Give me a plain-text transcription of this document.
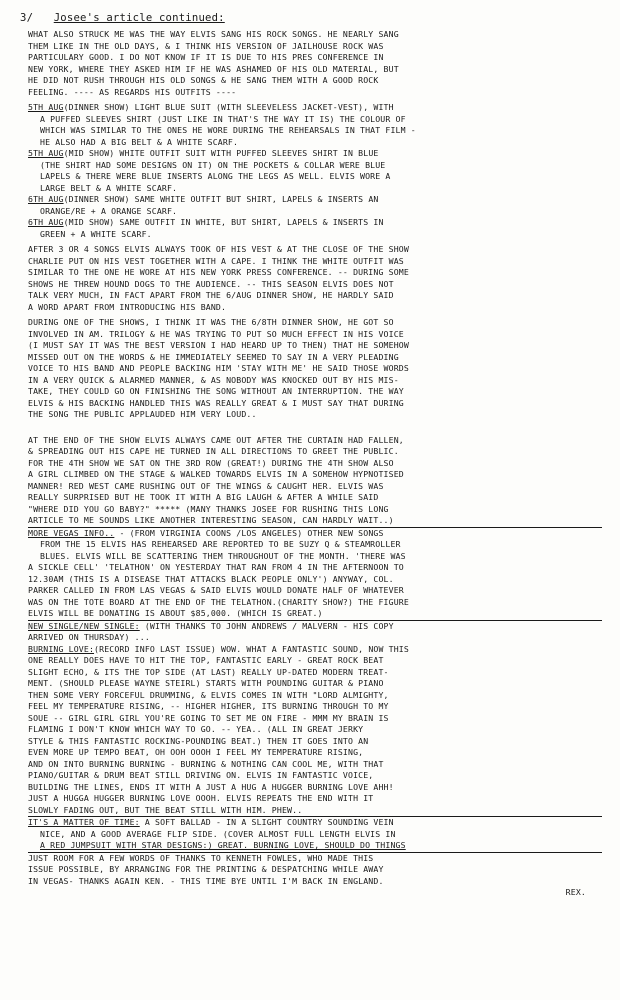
3/ Josee's article continued:
WHAT ALSO STRUCK ME WAS THE WAY ELVIS SANG HIS ROCK SONGS. HE NEARLY SANG
THEM LIKE IN THE OLD DAYS, & I THINK HIS VERSION OF JAILHOUSE ROCK WAS
PARTICULARY GOOD. I DO NOT KNOW IF IT IS DUE TO HIS PRES CONFERENCE IN
NEW YORK, WHERE THEY ASKED HIM IF HE WAS ASHAMED OF HIS OLD MATERIAL, BUT
HE DID NOT RUSH THROUGH HIS OLD SONGS & HE SANG THEM WITH A GOOD ROCK
FEELING. ---- AS REGARDS HIS OUTFITS ----
5TH AUG(DINNER SHOW) LIGHT BLUE SUIT (WITH SLEEVELESS JACKET-VEST), WITH
A PUFFED SLEEVES SHIRT (JUST LIKE IN THAT'S THE WAY IT IS) THE COLOUR OF
WHICH WAS SIMILAR TO THE ONES HE WORE DURING THE REHEARSALS IN THAT FILM -
HE ALSO HAD A BIG BELT & A WHITE SCARF.
5TH AUG(MID SHOW) WHITE OUTFIT SUIT WITH PUFFED SLEEVES SHIRT IN BLUE
(THE SHIRT HAD SOME DESIGNS ON IT) ON THE POCKETS & COLLAR WERE BLUE
LAPELS & THERE WERE BLUE INSERTS ALONG THE LEGS AS WELL. ELVIS WORE A
LARGE BELT & A WHITE SCARF.
6TH AUG(DINNER SHOW) SAME WHITE OUTFIT BUT SHIRT, LAPELS & INSERTS AN
ORANGE/RE + A ORANGE SCARF.
6TH AUG(MID SHOW) SAME OUTFIT IN WHITE, BUT SHIRT, LAPELS & INSERTS IN
GREEN + A WHITE SCARF.
AFTER 3 OR 4 SONGS ELVIS ALWAYS TOOK OF HIS VEST & AT THE CLOSE OF THE SHOW
CHARLIE PUT ON HIS VEST TOGETHER WITH A CAPE. I THINK THE WHITE OUTFIT WAS
SIMILAR TO THE ONE HE WORE AT HIS NEW YORK PRESS CONFERENCE. -- DURING SOME
SHOWS HE THREW HOUND DOGS TO THE AUDIENCE. -- THIS SEASON ELVIS DOES NOT
TALK VERY MUCH, IN FACT APART FROM THE 6/AUG DINNER SHOW, HE HARDLY SAID
A WORD APART FROM INTRODUCING HIS BAND.
DURING ONE OF THE SHOWS, I THINK IT WAS THE 6/8TH DINNER SHOW, HE GOT SO
INVOLVED IN AM. TRILOGY & HE WAS TRYING TO PUT SO MUCH EFFECT IN HIS VOICE
(I MUST SAY IT WAS THE BEST VERSION I HAD HEARD UP TO THEN) THAT HE SOMEHOW
MISSED OUT ON THE WORDS & HE IMMEDIATELY SEEMED TO SAY IN A VERY PLEADING
VOICE TO HIS BAND AND PEOPLE BACKING HIM 'STAY WITH ME' HE SAID THOSE WORDS
IN A VERY QUICK & ALARMED MANNER, & AS NOBODY WAS KNOCKED OUT BY HIS MIS-
TAKE, THEY COULD GO ON FINISHING THE SONG WITHOUT AN INTERRUPTION. THE WAY
ELVIS & HIS BACKING HANDLED THIS WAS REALLY GREAT & I MUST SAY THAT DURING
THE SONG THE PUBLIC APPLAUDED HIM VERY LOUD..
AT THE END OF THE SHOW ELVIS ALWAYS CAME OUT AFTER THE CURTAIN HAD FALLEN,
& SPREADING OUT HIS CAPE HE TURNED IN ALL DIRECTIONS TO GREET THE PUBLIC.
FOR THE 4TH SHOW WE SAT ON THE 3RD ROW (GREAT!) DURING THE 4TH SHOW ALSO
A GIRL CLIMBED ON THE STAGE & WALKED TOWARDS ELVIS IN A SOMEHOW HYPNOTISED
MANNER! RED WEST CAME RUSHING OUT OF THE WINGS & CAUGHT HER. ELVIS WAS
REALLY SURPRISED BUT HE TOOK IT WITH A BIG LAUGH & AFTER A WHILE SAID
"WHERE DID YOU GO BABY?" ***** (MANY THANKS JOSEE FOR RUSHING THIS LONG
ARTICLE TO ME SOUNDS LIKE ANOTHER INTERESTING SEASON, CAN HARDLY WAIT..)
MORE VEGAS INFO.. - (FROM VIRGINIA COONS /LOS ANGELES) OTHER NEW SONGS
FROM THE 15 ELVIS HAS REHEARSED ARE REPORTED TO BE SUZY Q & STEAMROLLER
BLUES. ELVIS WILL BE SCATTERING THEM THROUGHOUT OF THE MONTH. 'THERE WAS
A SICKLE CELL' 'TELATHON' ON YESTERDAY THAT RAN FROM 4 IN THE AFTERNOON TO
12.30AM (THIS IS A DISEASE THAT ATTACKS BLACK PEOPLE ONLY') ANYWAY, COL.
PARKER CALLED IN FROM LAS VEGAS & SAID ELVIS WOULD DONATE HALF OF WHATEVER
WAS ON THE TOTE BOARD AT THE END OF THE TELATHON.(CHARITY SHOW?) THE FIGURE
ELVIS WILL BE DONATING IS ABOUT $85,000. (WHICH IS GREAT.)
NEW SINGLE/NEW SINGLE: (WITH THANKS TO JOHN ANDREWS / MALVERN - HIS COPY
ARRIVED ON THURSDAY) ...
BURNING LOVE:(RECORD INFO LAST ISSUE) WOW. WHAT A FANTASTIC SOUND, NOW THIS
ONE REALLY DOES HAVE TO HIT THE TOP, FANTASTIC EARLY - GREAT ROCK BEAT
SLIGHT ECHO, & ITS THE TOP SIDE (AT LAST) REALLY UP-DATED MODERN TREAT-
MENT. (SHOULD PLEASE WAYNE STEIRL) STARTS WITH POUNDING GUITAR & PIANO
THEN SOME VERY FORCEFUL DRUMMING, & ELVIS COMES IN WITH "LORD ALMIGHTY,
FEEL MY TEMPERATURE RISING, -- HIGHER HIGHER, ITS BURNING THROUGH TO MY
SOUE -- GIRL GIRL GIRL YOU'RE GOING TO SET ME ON FIRE - MMM MY BRAIN IS
FLAMING I DON'T KNOW WHICH WAY TO GO. -- YEA.. (ALL IN GREAT JERKY
STYLE & THIS FANTASTIC ROCKING-POUNDING BEAT.) THEN IT GOES INTO AN
EVEN MORE UP TEMPO BEAT, OH OOH OOOH I FEEL MY TEMPERATURE RISING,
AND ON INTO BURNING BURNING - BURNING & NOTHING CAN COOL ME, WITH THAT
PIANO/GUITAR & DRUM BEAT STILL DRIVING ON. ELVIS IN FANTASTIC VOICE,
BUILDING THE LINES, ENDS IT WITH A JUST A HUG A HUGGER BURNING LOVE AHH!
JUST A HUGGA HUGGER BURNING LOVE OOOH. ELVIS REPEATS THE END WITH IT
SLOWLY FADING OUT, BUT THE BEAT STILL WITH HIM. PHEW..
IT'S A MATTER OF TIME: A SOFT BALLAD - IN A SLIGHT COUNTRY SOUNDING VEIN
NICE, AND A GOOD AVERAGE FLIP SIDE. (COVER ALMOST FULL LENGTH ELVIS IN
A RED JUMPSUIT WITH STAR DESIGNS:) GREAT. BURNING LOVE, SHOULD DO THINGS
JUST ROOM FOR A FEW WORDS OF THANKS TO KENNETH FOWLES, WHO MADE THIS
ISSUE POSSIBLE, BY ARRANGING FOR THE PRINTING & DESPATCHING WHILE AWAY
IN VEGAS- THANKS AGAIN KEN. - THIS TIME BYE UNTIL I'M BACK IN ENGLAND.
REX.
